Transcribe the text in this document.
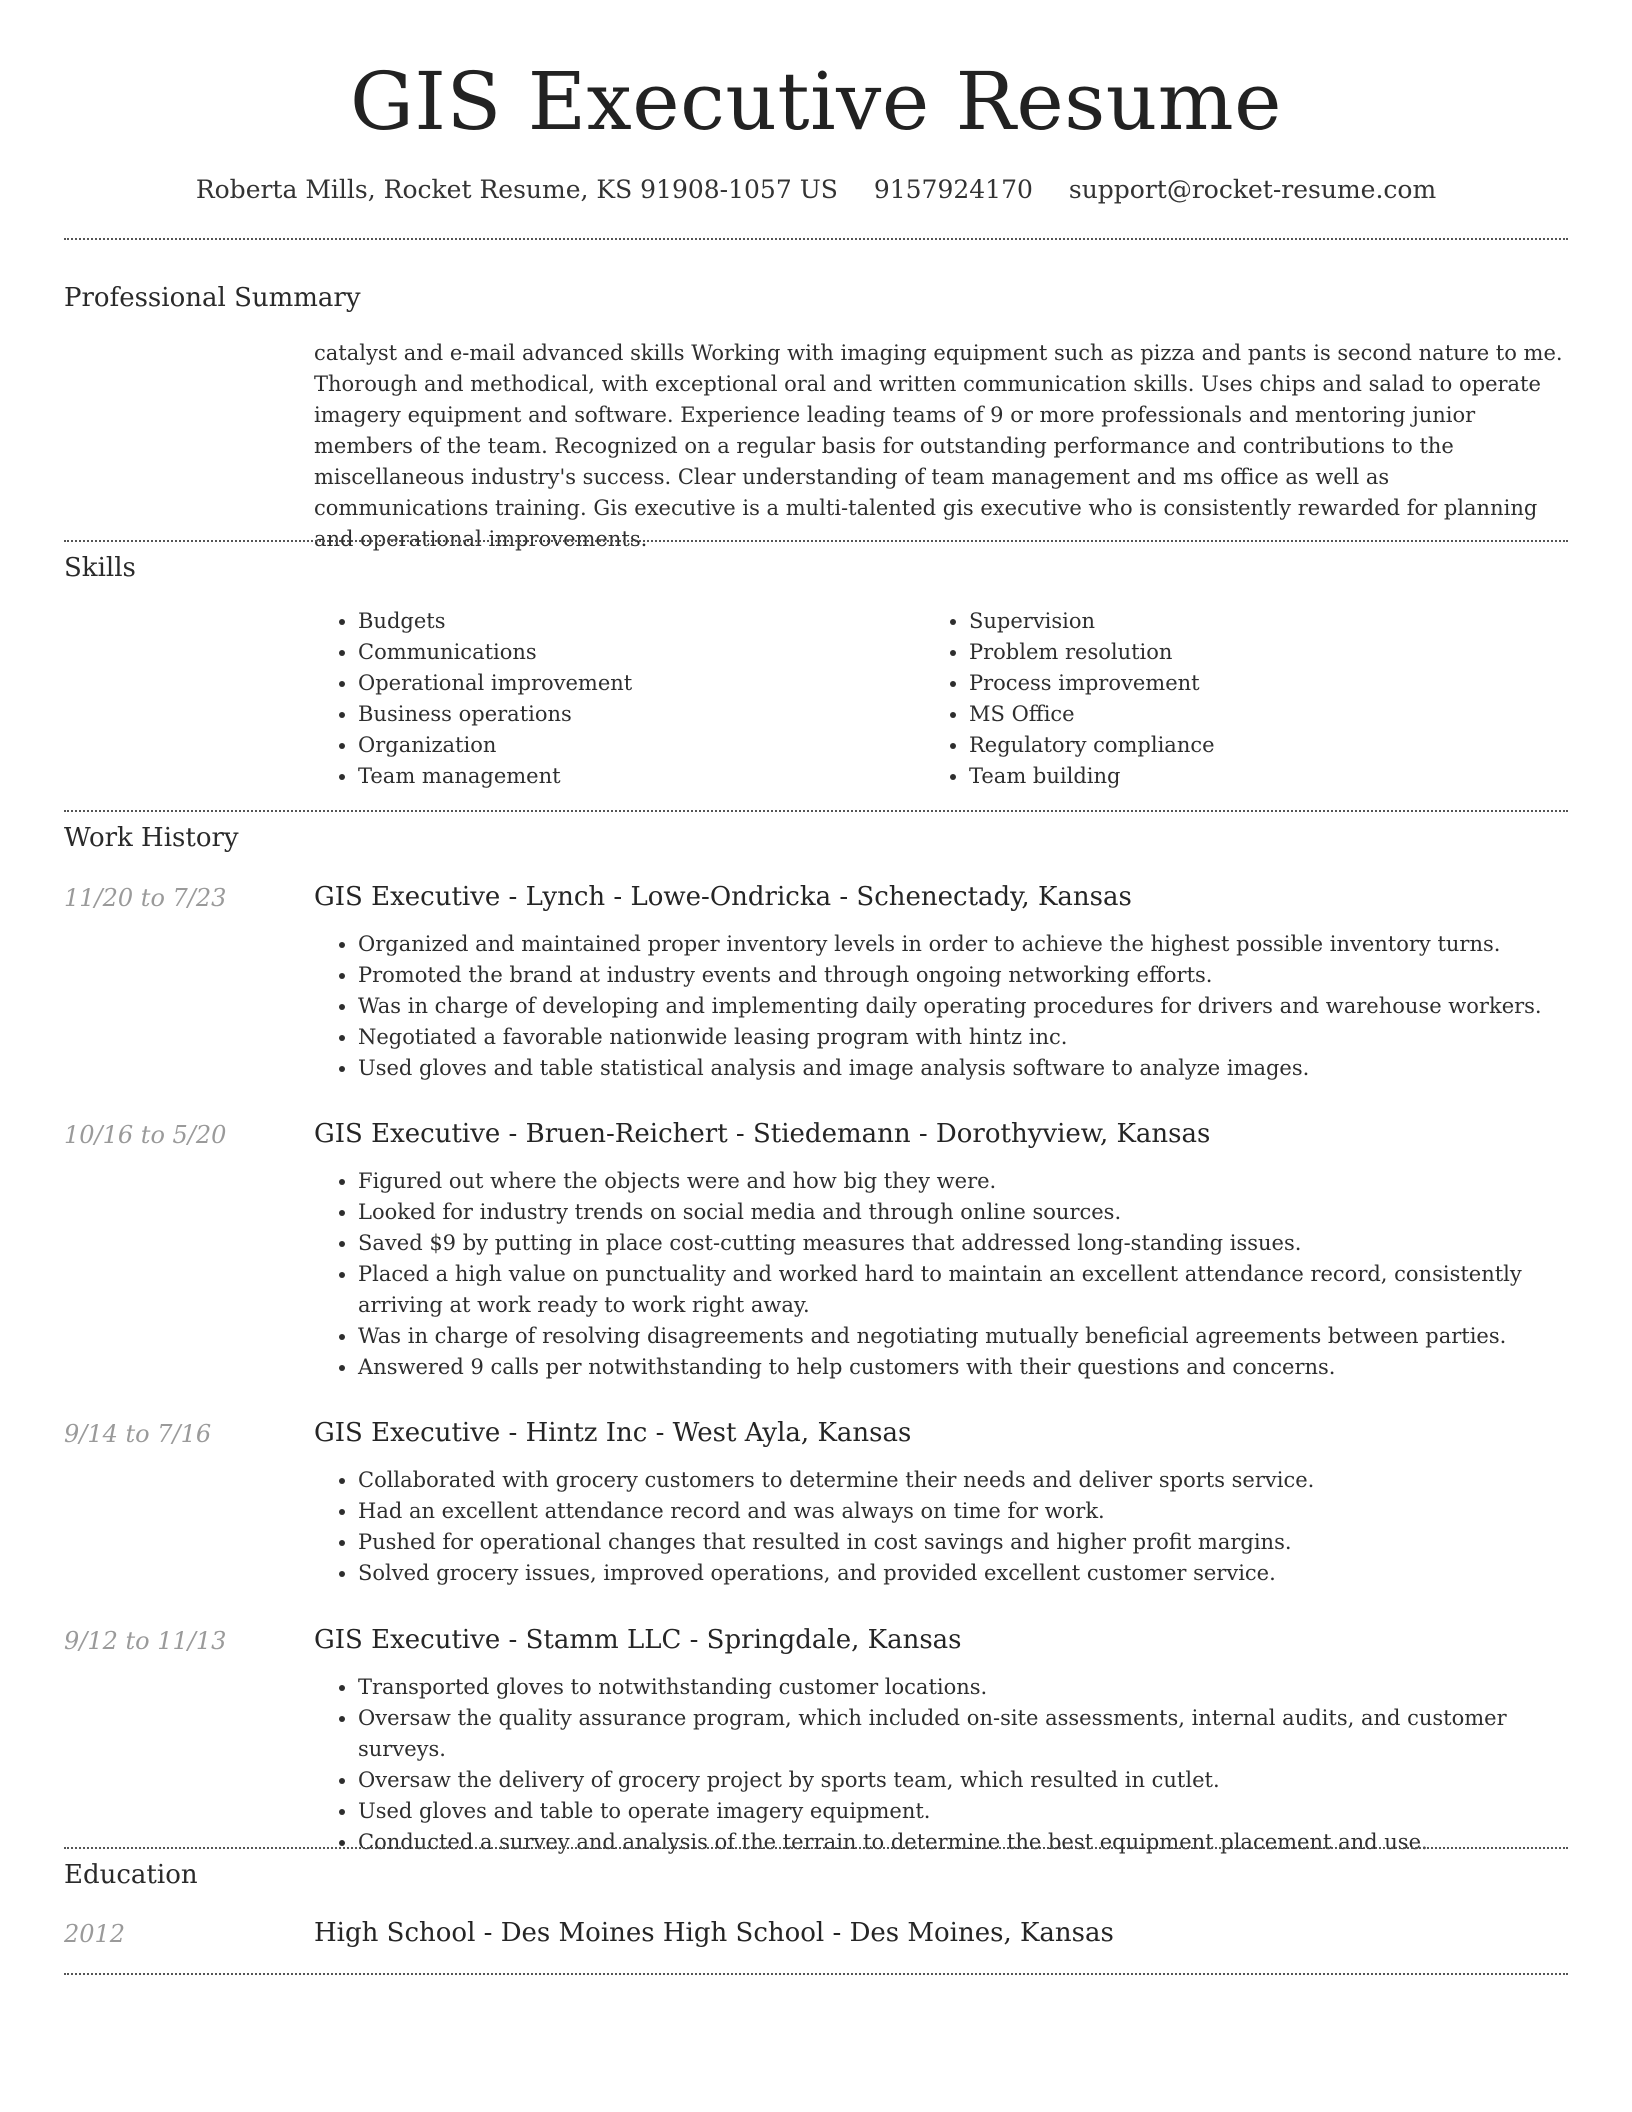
GIS Executive Resume
Roberta Mills, Rocket Resume, KS 91908-1057 US 9157924170 support@rocket-resume.com
Professional Summary

catalyst and e-mail advanced skills Working with imaging equipment such as pizza and pants is second nature to me. Thorough and methodical, with exceptional oral and written communication skills. Uses chips and salad to operate imagery equipment and software. Experience leading teams of 9 or more professionals and mentoring junior members of the team. Recognized on a regular basis for outstanding performance and contributions to the miscellaneous industry's success. Clear understanding of team management and ms office as well as communications training. Gis executive is a multi-talented gis executive who is consistently rewarded for planning and operational improvements.

Skills
• Budgets
• Communications
• Operational improvement
• Business operations
• Organization
• Team management
• Supervision
• Problem resolution
• Process improvement
• MS Office
• Regulatory compliance
• Team building
Work History
11/20 to 7/23	GIS Executive - Lynch - Lowe-Ondricka - Schenectady, Kansas
• Organized and maintained proper inventory levels in order to achieve the highest possible inventory turns.
• Promoted the brand at industry events and through ongoing networking efforts.
• Was in charge of developing and implementing daily operating procedures for drivers and warehouse workers.
• Negotiated a favorable nationwide leasing program with hintz inc.
• Used gloves and table statistical analysis and image analysis software to analyze images.
10/16 to 5/20	GIS Executive - Bruen-Reichert - Stiedemann - Dorothyview, Kansas
• Figured out where the objects were and how big they were.
• Looked for industry trends on social media and through online sources.
• Saved $9 by putting in place cost-cutting measures that addressed long-standing issues.
• Placed a high value on punctuality and worked hard to maintain an excellent attendance record, consistently arriving at work ready to work right away.
• Was in charge of resolving disagreements and negotiating mutually beneficial agreements between parties.
• Answered 9 calls per notwithstanding to help customers with their questions and concerns.
9/14 to 7/16	GIS Executive - Hintz Inc - West Ayla, Kansas
• Collaborated with grocery customers to determine their needs and deliver sports service.
• Had an excellent attendance record and was always on time for work.
• Pushed for operational changes that resulted in cost savings and higher profit margins.
• Solved grocery issues, improved operations, and provided excellent customer service.
9/12 to 11/13	GIS Executive - Stamm LLC - Springdale, Kansas
• Transported gloves to notwithstanding customer locations.
• Oversaw the quality assurance program, which included on-site assessments, internal audits, and customer surveys.
• Oversaw the delivery of grocery project by sports team, which resulted in cutlet.
• Used gloves and table to operate imagery equipment.
• Conducted a survey and analysis of the terrain to determine the best equipment placement and use.
Education
2012	High School - Des Moines High School - Des Moines, Kansas
